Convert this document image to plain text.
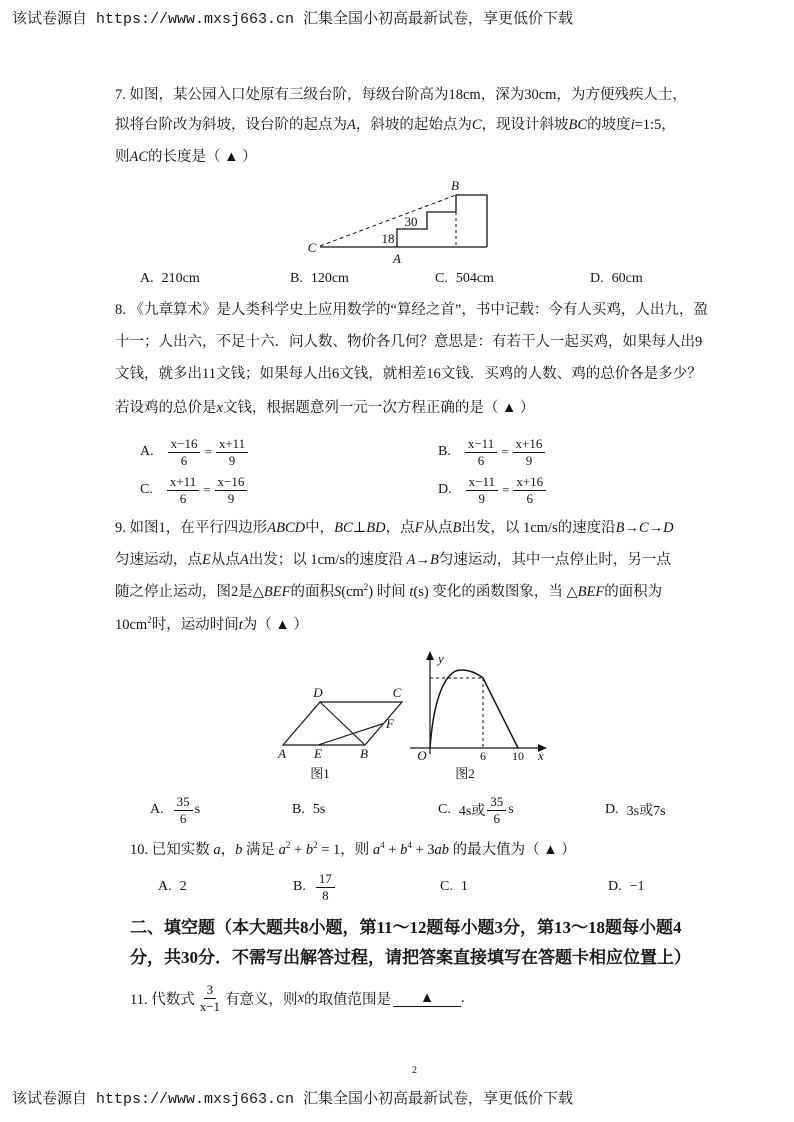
该试卷源自 https://www.mxsj663.cn 汇集全国小初高最新试卷，享更低价下载
7. 如图，某公园入口处原有三级台阶，每级台阶高为18cm，深为30cm，为方便残疾人士，
拟将台阶改为斜坡，设台阶的起点为A，斜坡的起始点为C，现设计斜坡BC的坡度i=1:5，
则AC的长度是（ ▲ ）
B
30
18
C
A
A. 210cm	B. 120cm	C. 504cm	D. 60cm
8. 《九章算术》是人类科学史上应用数学的“算经之首”，书中记载：今有人买鸡，人出九，盈
十一；人出六，不足十六．问人数、物价各几何？意思是：有若干人一起买鸡，如果每人出9
文钱，就多出11文钱；如果每人出6文钱，就相差16文钱．买鸡的人数、鸡的总价各是多少？
若设鸡的总价是x文钱，根据题意列一元一次方程正确的是（ ▲ ）
A. $\frac{x-16}{6} = \frac{x+11}{9}$	B. $\frac{x-11}{6} = \frac{x+16}{9}$
C. $\frac{x+11}{6} = \frac{x-16}{9}$	D. $\frac{x-11}{9} = \frac{x+16}{6}$
9. 如图1，在平行四边形ABCD中，BC⊥BD，点F从点B出发，以 1cm/s的速度沿B→C→D
匀速运动，点E从点A出发；以 1cm/s的速度沿 A→B匀速运动，其中一点停止时，另一点
随之停止运动，图2是△BEF的面积$S(cm^2)$ 时间 t(s) 变化的函数图象，当 △BEF的面积为
$10cm^2$时，运动时间t为（ ▲ ）
D	C
F
A E	B
图1
y
O	6 10 x
图2
A. $\frac{35}{6}$ s	B. 5s	C. 4s或 $\frac{35}{6}$ s	D. 3s或7s
10. 已知实数 a，b 满足 $a^2 + b^2 = 1$，则 $a^4 + b^4 + 3ab$ 的最大值为（ ▲ ）
A. 2	B. $\frac{17}{8}$	C. 1	D. −1
二、填空题（本大题共8小题，第11～12题每小题3分，第13～18题每小题4
分，共30分．不需写出解答过程，请把答案直接填写在答题卡相应位置上）
11. 代数式 $\frac{3}{x-1}$ 有意义，则 x 的取值范围是	▲	.
2
该试卷源自 https://www.mxsj663.cn 汇集全国小初高最新试卷，享更低价下载
